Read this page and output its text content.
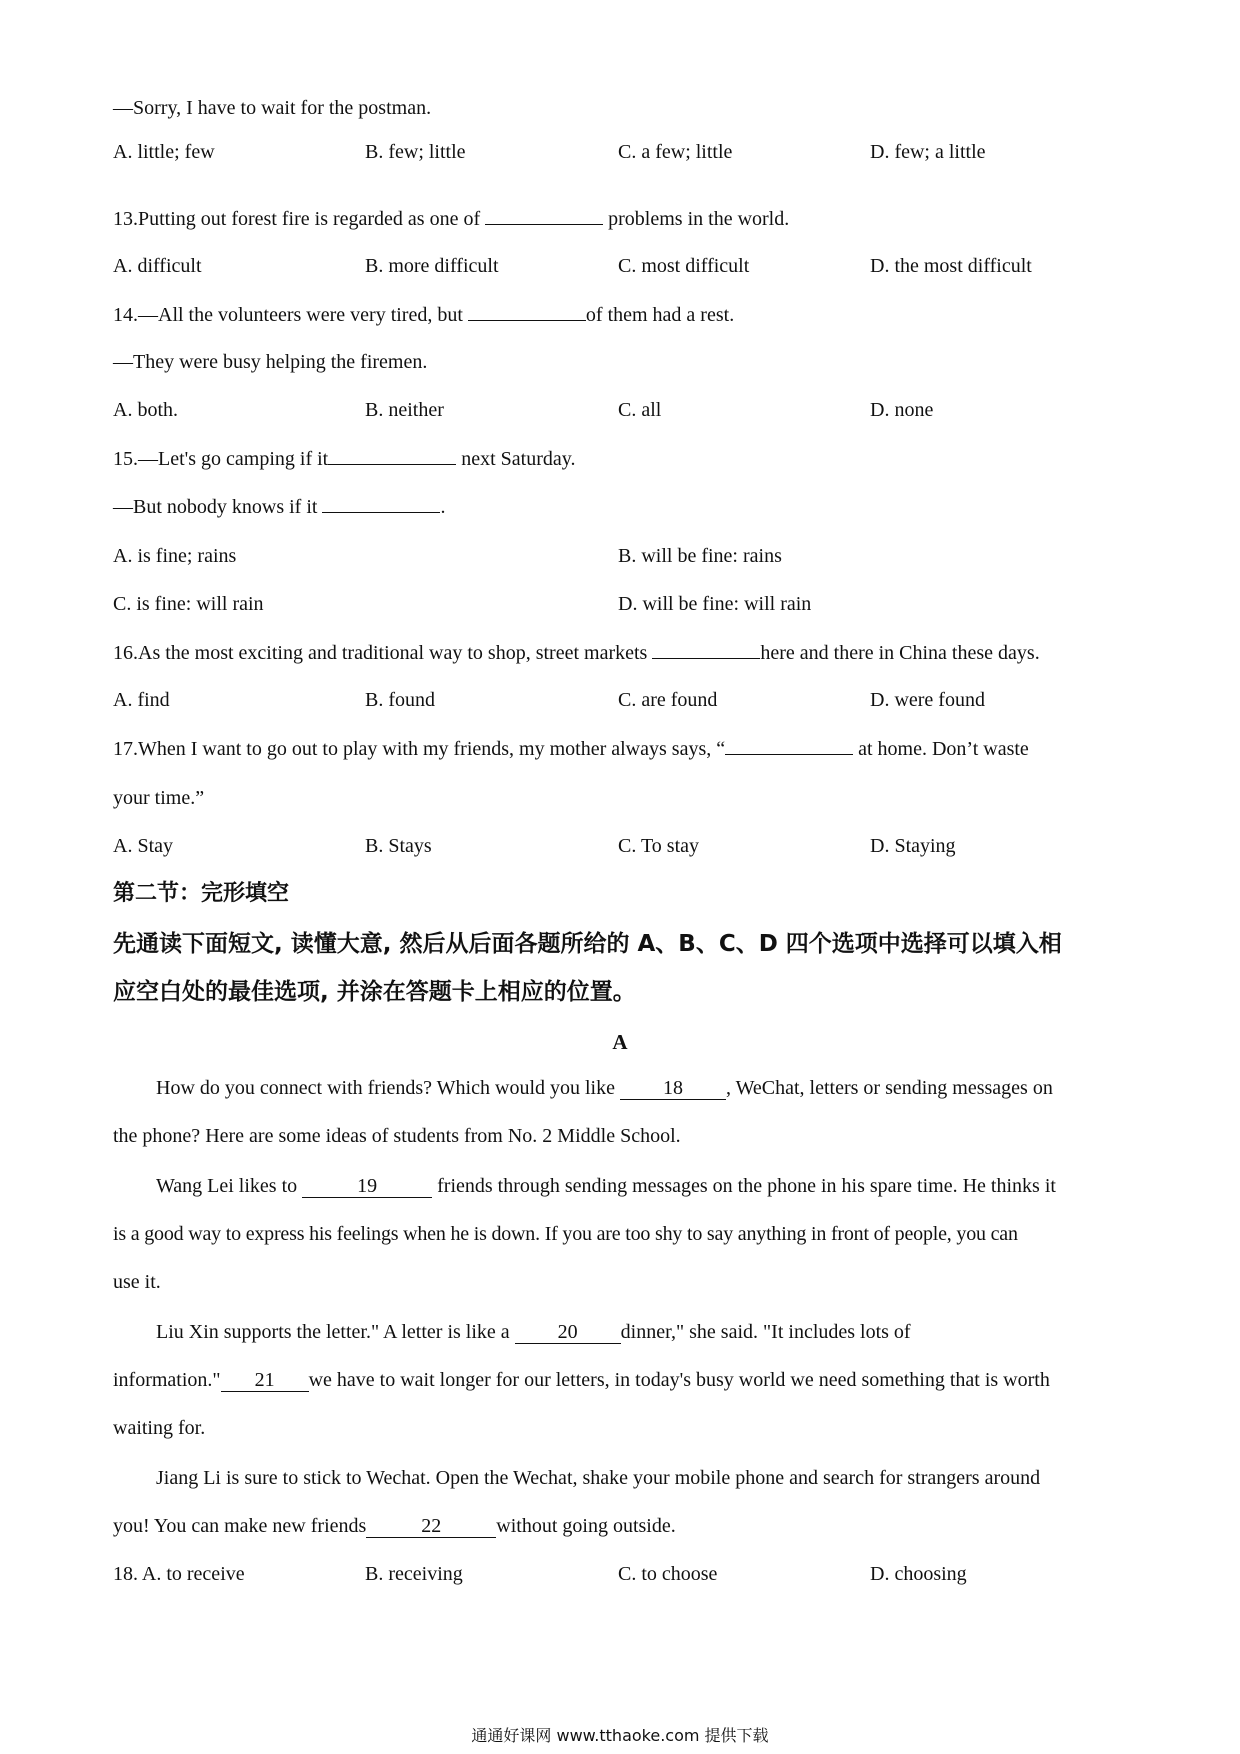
—Sorry, I have to wait for the postman.
A. little; few	B. few; little	C. a few; little	D. few; a little
13.Putting out forest fire is regarded as one of	problems in the world.
A. difficult	B. more difficult	C. most difficult	D. the most difficult
14.—All the volunteers were very tired, but	of them had a rest.
—They were busy helping the firemen.
A. both.	B. neither	C. all	D. none
15.—Let's go camping if it	next Saturday.
—But nobody knows if it	.
A. is fine; rains	B. will be fine: rains
C. is fine: will rain	D. will be fine: will rain
16.As the most exciting and traditional way to shop, street markets	here and there in China these days.
A. find	B. found	C. are found	D. were found
17.When I want to go out to play with my friends, my mother always says, “	at home. Don’t waste
your time.”
A. Stay	B. Stays	C. To stay	D. Staying
第二节：完形填空
先通读下面短文, 读懂大意, 然后从后面各题所给的 A、B、C、D 四个选项中选择可以填入相
应空白处的最佳选项, 并涂在答题卡上相应的位置。
A
How do you connect with friends? Which would you like 18 , WeChat, letters or sending messages on
the phone? Here are some ideas of students from No. 2 Middle School.
Wang Lei likes to	19	friends through sending messages on the phone in his spare time. He thinks it
is a good way to express his feelings when he is down. If you are too shy to say anything in front of people, you can
use it.
Liu Xin supports the letter." A letter is like a 20 dinner," she said. "It includes lots of
information." 21 we have to wait longer for our letters, in today's busy world we need something that is worth
waiting for.
Jiang Li is sure to stick to Wechat. Open the Wechat, shake your mobile phone and search for strangers around
you! You can make new friends	22	without going outside.
18. A. to receive	B. receiving	C. to choose	D. choosing
通通好课网 www.tthaoke.com 提供下载
